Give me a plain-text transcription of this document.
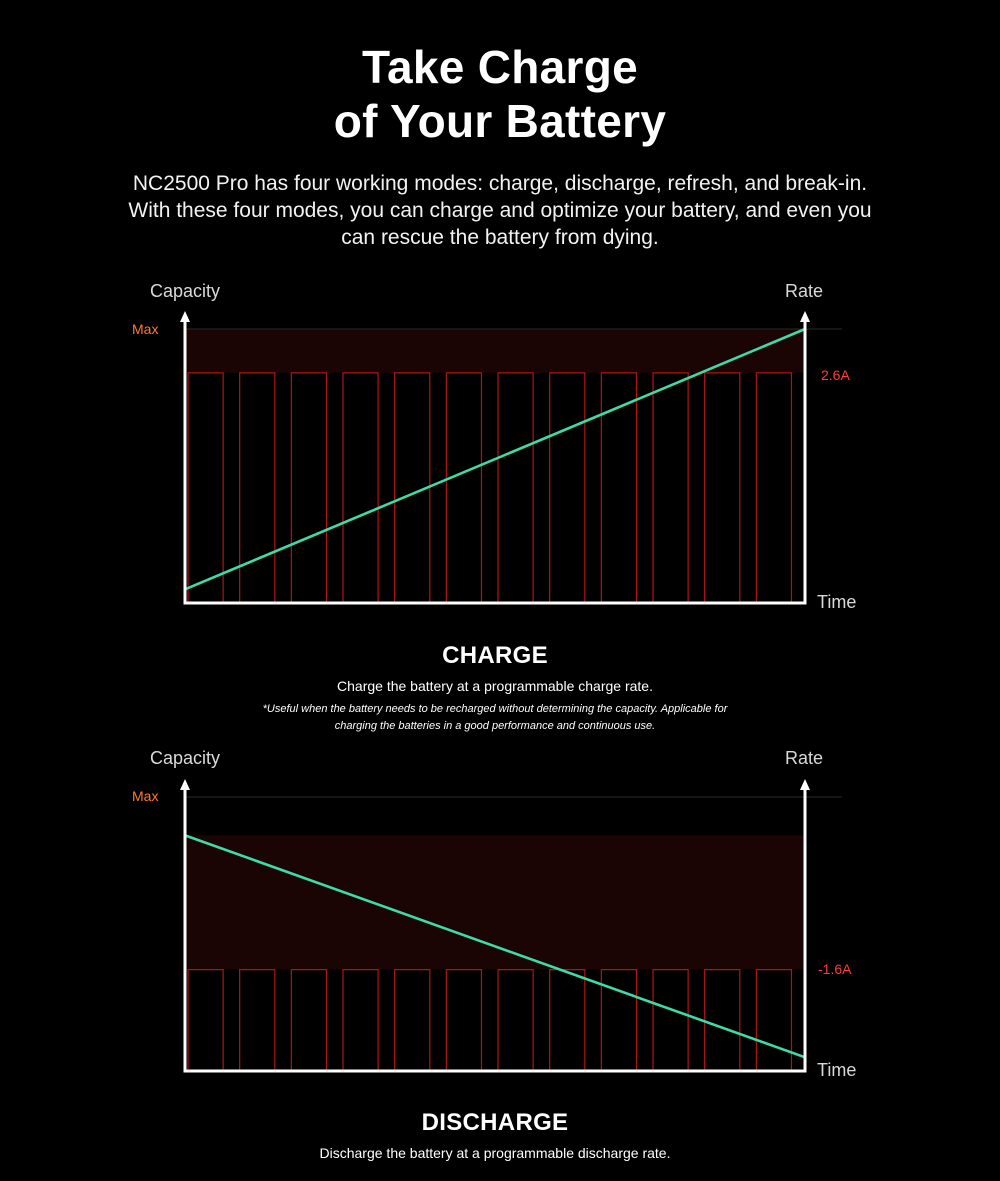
Take Charge
of Your Battery
NC2500 Pro has four working modes: charge, discharge, refresh, and break-in. With these four modes, you can charge and optimize your battery, and even you can rescue the battery from dying.
Capacity	Rate
Time
Max
2.6A
CHARGE
Charge the battery at a programmable charge rate.
*Useful when the battery needs to be recharged without determining the capacity. Applicable for charging the batteries in a good performance and continuous use.
Capacity	Rate
Time
Max
-1.6A
DISCHARGE
Discharge the battery at a programmable discharge rate.
